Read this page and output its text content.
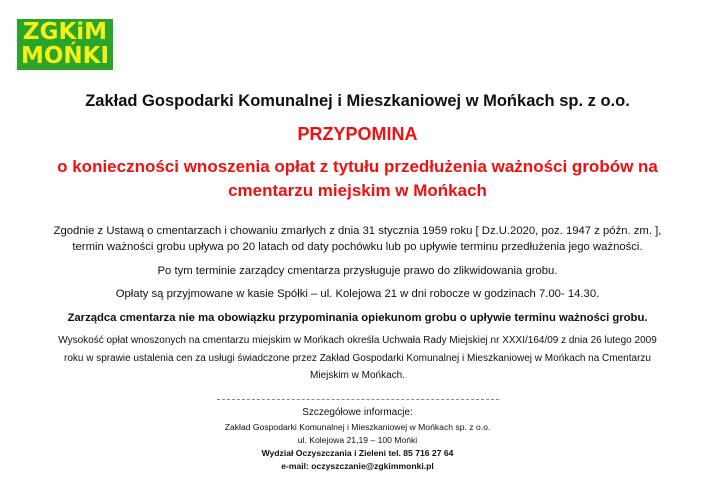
ZGKiM
MOŃKI
Zakład Gospodarki Komunalnej i Mieszkaniowej w Mońkach sp. z o.o.
PRZYPOMINA
o konieczności wnoszenia opłat z tytułu przedłużenia ważności grobów na
cmentarzu miejskim w Mońkach
Zgodnie z Ustawą o cmentarzach i chowaniu zmarłych z dnia 31 stycznia 1959 roku [ Dz.U.2020, poz. 1947 z późn. zm. ],
termin ważności grobu upływa po 20 latach od daty pochówku lub po upływie terminu przedłużenia jego ważności.
Po tym terminie zarządcy cmentarza przysługuje prawo do zlikwidowania grobu.
Opłaty są przyjmowane w kasie Spółki – ul. Kolejowa 21 w dni robocze w godzinach 7.00- 14.30.
Zarządca cmentarza nie ma obowiązku przypominania opiekunom grobu o upływie terminu ważności grobu.
Wysokość opłat wnoszonych na cmentarzu miejskim w Mońkach określa Uchwała Rady Miejskiej nr XXXI/164/09 z dnia 26 lutego 2009
roku w sprawie ustalenia cen za usługi świadczone przez Zakład Gospodarki Komunalnej i Mieszkaniowej w Mońkach na Cmentarzu
Miejskim w Mońkach.
Szczegółowe informacje:
Zakład Gospodarki Komunalnej i Mieszkaniowej w Mońkach sp. z o.o.
ul. Kolejowa 21,19 – 100 Mońki
Wydział Oczyszczania i Zieleni tel. 85 716 27 64
e-mail: oczyszczanie@zgkimmonki.pl
